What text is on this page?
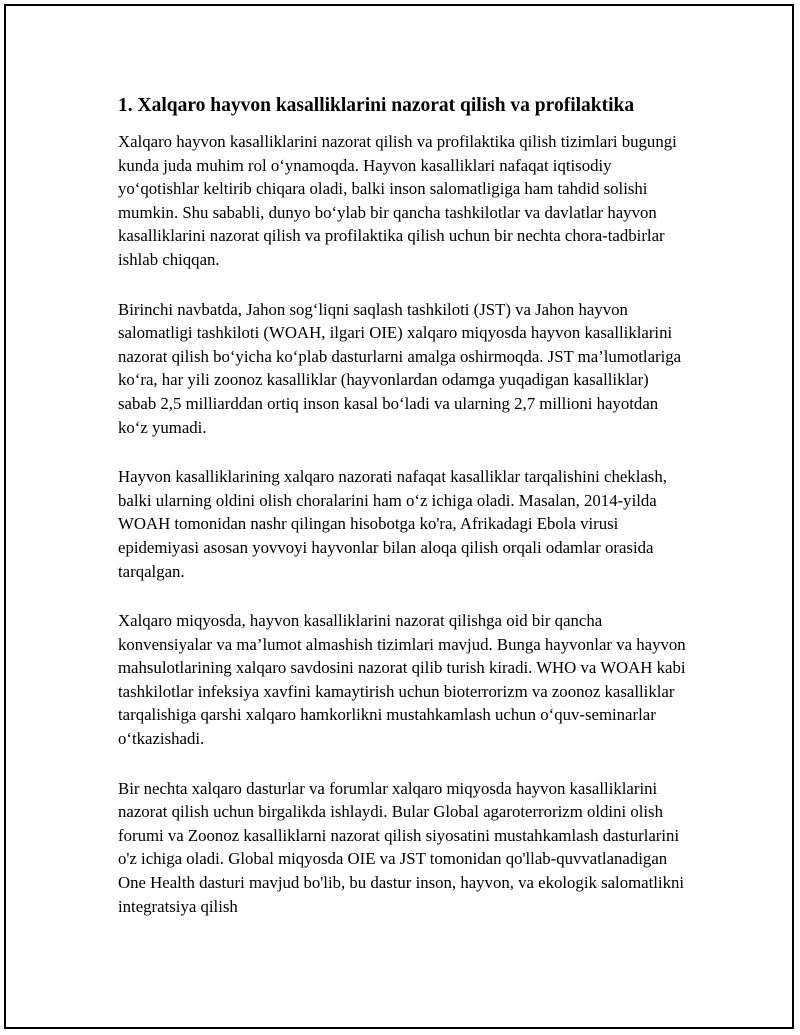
1. Xalqaro hayvon kasalliklarini nazorat qilish va profilaktika

Xalqaro hayvon kasalliklarini nazorat qilish va profilaktika qilish tizimlari bugungi kunda juda muhim rol o‘ynamoqda. Hayvon kasalliklari nafaqat iqtisodiy yo‘qotishlar keltirib chiqara oladi, balki inson salomatligiga ham tahdid solishi mumkin. Shu sababli, dunyo bo‘ylab bir qancha tashkilotlar va davlatlar hayvon kasalliklarini nazorat qilish va profilaktika qilish uchun bir nechta chora-tadbirlar ishlab chiqqan.

Birinchi navbatda, Jahon sog‘liqni saqlash tashkiloti (JST) va Jahon hayvon salomatligi tashkiloti (WOAH, ilgari OIE) xalqaro miqyosda hayvon kasalliklarini nazorat qilish bo‘yicha ko‘plab dasturlarni amalga oshirmoqda. JST ma’lumotlariga ko‘ra, har yili zoonoz kasalliklar (hayvonlardan odamga yuqadigan kasalliklar) sabab 2,5 milliarddan ortiq inson kasal bo‘ladi va ularning 2,7 millioni hayotdan ko‘z yumadi.

Hayvon kasalliklarining xalqaro nazorati nafaqat kasalliklar tarqalishini cheklash, balki ularning oldini olish choralarini ham o‘z ichiga oladi. Masalan, 2014-yilda WOAH tomonidan nashr qilingan hisobotga ko'ra, Afrikadagi Ebola virusi epidemiyasi asosan yovvoyi hayvonlar bilan aloqa qilish orqali odamlar orasida tarqalgan.

Xalqaro miqyosda, hayvon kasalliklarini nazorat qilishga oid bir qancha konvensiyalar va ma’lumot almashish tizimlari mavjud. Bunga hayvonlar va hayvon mahsulotlarining xalqaro savdosini nazorat qilib turish kiradi. WHO va WOAH kabi tashkilotlar infeksiya xavfini kamaytirish uchun bioterrorizm va zoonoz kasalliklar tarqalishiga qarshi xalqaro hamkorlikni mustahkamlash uchun o‘quv-seminarlar o‘tkazishadi.

Bir nechta xalqaro dasturlar va forumlar xalqaro miqyosda hayvon kasalliklarini nazorat qilish uchun birgalikda ishlaydi. Bular Global agaroterrorizm oldini olish forumi va Zoonoz kasalliklarni nazorat qilish siyosatini mustahkamlash dasturlarini o'z ichiga oladi. Global miqyosda OIE va JST tomonidan qo'llab-quvvatlanadigan One Health dasturi mavjud bo'lib, bu dastur inson, hayvon, va ekologik salomatlikni integratsiya qilish
